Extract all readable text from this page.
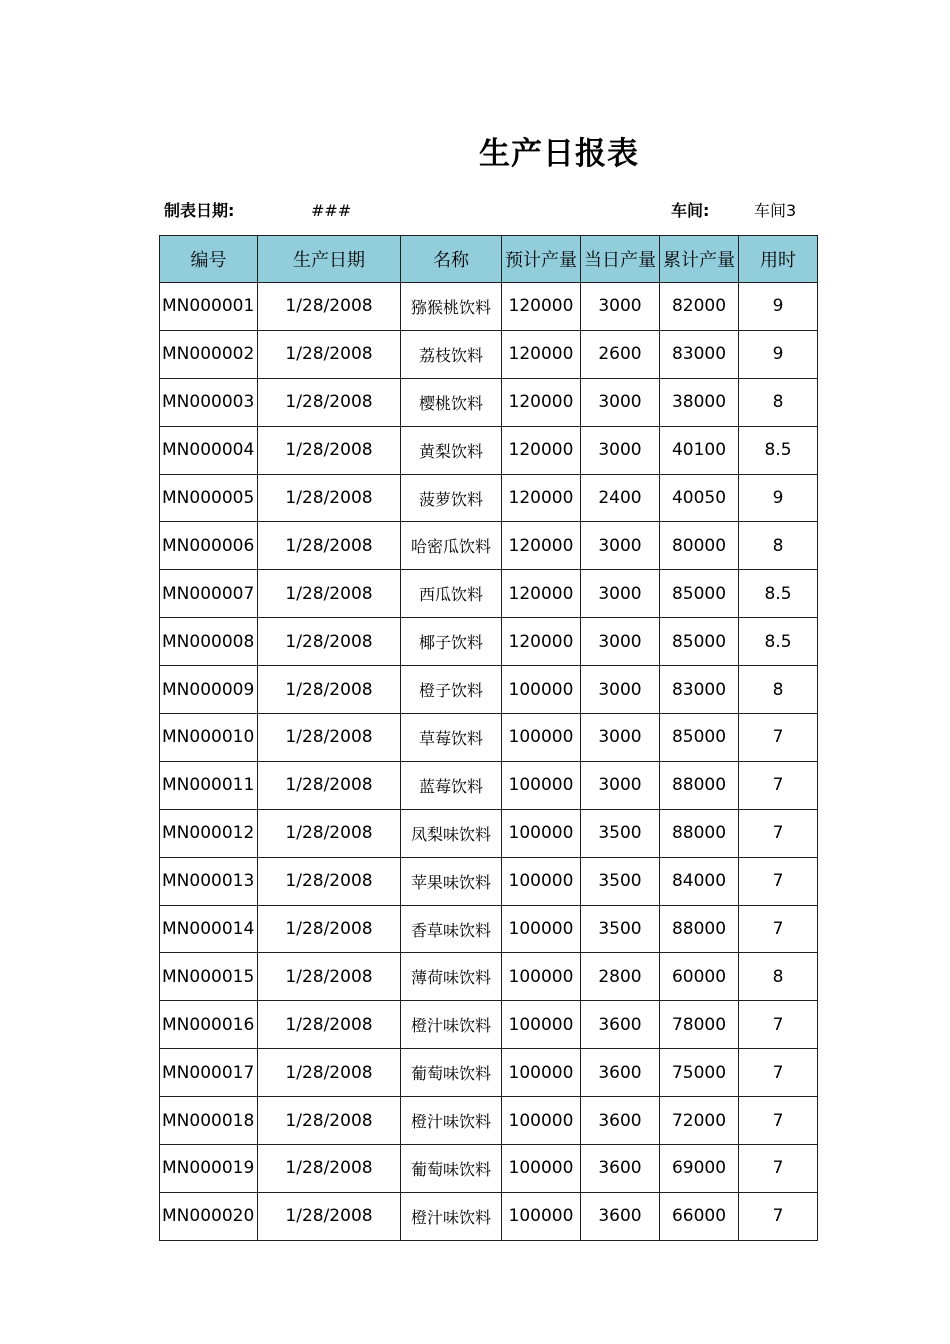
生产日报表
制表日期:	###	车间:	车间3
编号	生产日期	名称	预计产量	当日产量	累计产量	用时
MN000001	1/28/2008	猕猴桃饮料	120000	3000	82000	9
MN000002	1/28/2008	荔枝饮料	120000	2600	83000	9
MN000003	1/28/2008	樱桃饮料	120000	3000	38000	8
MN000004	1/28/2008	黄梨饮料	120000	3000	40100	8.5
MN000005	1/28/2008	菠萝饮料	120000	2400	40050	9
MN000006	1/28/2008	哈密瓜饮料	120000	3000	80000	8
MN000007	1/28/2008	西瓜饮料	120000	3000	85000	8.5
MN000008	1/28/2008	椰子饮料	120000	3000	85000	8.5
MN000009	1/28/2008	橙子饮料	100000	3000	83000	8
MN000010	1/28/2008	草莓饮料	100000	3000	85000	7
MN000011	1/28/2008	蓝莓饮料	100000	3000	88000	7
MN000012	1/28/2008	凤梨味饮料	100000	3500	88000	7
MN000013	1/28/2008	苹果味饮料	100000	3500	84000	7
MN000014	1/28/2008	香草味饮料	100000	3500	88000	7
MN000015	1/28/2008	薄荷味饮料	100000	2800	60000	8
MN000016	1/28/2008	橙汁味饮料	100000	3600	78000	7
MN000017	1/28/2008	葡萄味饮料	100000	3600	75000	7
MN000018	1/28/2008	橙汁味饮料	100000	3600	72000	7
MN000019	1/28/2008	葡萄味饮料	100000	3600	69000	7
MN000020	1/28/2008	橙汁味饮料	100000	3600	66000	7
